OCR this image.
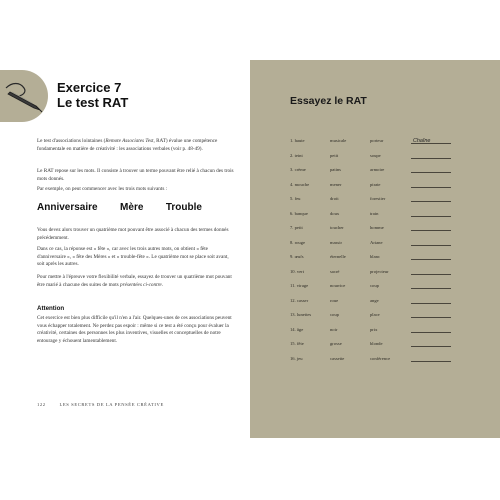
Exercice 7
Le test RAT

Le test d'associations lointaines (Remote Associates Test, RAT) évalue une compétence fondamentale en matière de créativité : les associations verbales (voir p. 48-49).

Le RAT repose sur les mots. Il consiste à trouver un terme pouvant être relié à chacun des trois mots donnés.

Par exemple, on peut commencer avec les trois mots suivants :

Anniversaire Mère Trouble

Vous devez alors trouver un quatrième mot pouvant être associé à chacun des termes donnés précédemment.

Dans ce cas, la réponse est « fête », car avec les trois autres mots, on obtient « fête d'anniversaire », « fête des Mères » et « trouble-fête ». Le quatrième mot se place soit avant, soit après les autres.

Pour mettre à l'épreuve votre flexibilité verbale, essayez de trouver un quatrième mot pouvant être marié à chacune des suites de mots présentées ci-contre.

Attention

Cet exercice est bien plus difficile qu'il n'en a l'air. Quelques-unes de ces associations peuvent vous échapper totalement. Ne perdez pas espoir : même si ce test a été conçu pour évaluer la créativité, certaines des personnes les plus inventives, visuelles et conceptuelles de notre entourage y échouent lamentablement.

122	LES SECRETS DE LA PENSÉE CRÉATIVE
Essayez le RAT
1. haute	musicale	porteur	Chaîne
2. teint	petit	soupe
3. crème	patins	armoire
4. mouche	mener	pirate
5. feu	droit	forestier
6. banque	doux	train
7. petit	toucher	homme
8. rouge	massir	Ariane
9. œufs	éternelle	blanc
10. vert	sacré	projecteur
11. virage	nourrice	coup
12. casser	roue	ange
13. lunettes	coup	place
14. âge	noir	prix
15. fête	grosse	blonde
16. jeu	cassette	conférence
